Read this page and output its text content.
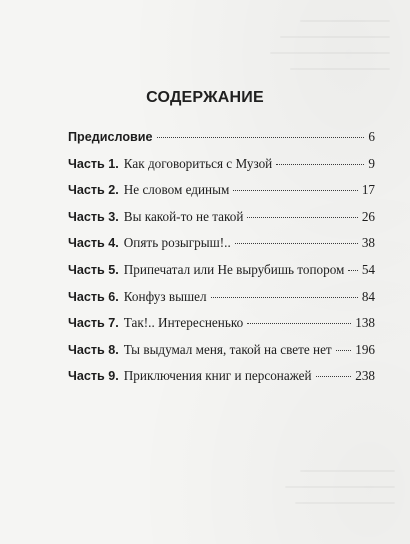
СОДЕРЖАНИЕ
Предисловие	6
Часть 1. Как договориться с Музой	9
Часть 2. Не словом единым	17
Часть 3. Вы какой-то не такой	26
Часть 4. Опять розыгрыш!..	38
Часть 5. Припечатал или Не вырубишь топором 54
Часть 6. Конфуз вышел	84
Часть 7. Так!.. Интересненько	138
Часть 8. Ты выдумал меня, такой на свете нет 196
Часть 9. Приключения книг и персонажей	238
